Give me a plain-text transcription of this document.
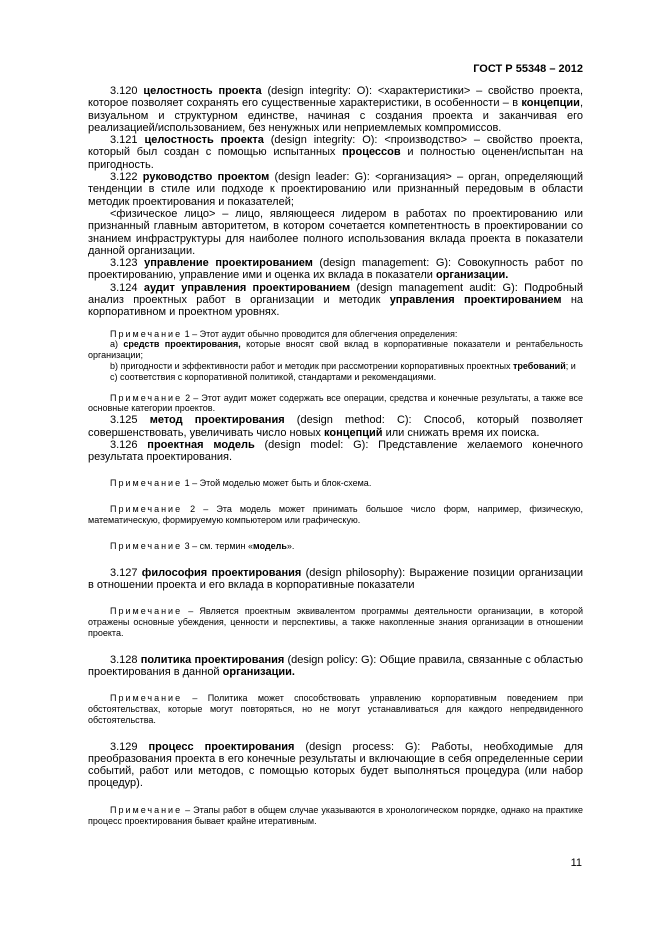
ГОСТ Р 55348 – 2012

3.120 целостность проекта (design integrity: O): <характеристики> – свойство проекта, которое позволяет сохранять его существенные характеристики, в особенности – в концепции, визуальном и структурном единстве, начиная с создания проекта и заканчивая его реализацией/использованием, без ненужных или неприемлемых компромиссов.

3.121 целостность проекта (design integrity: O): <производство> – свойство проекта, который был создан с помощью испытанных процессов и полностью оценен/испытан на пригодность.

3.122 руководство проектом (design leader: G): <организация> – орган, определяющий тенденции в стиле или подходе к проектированию или признанный передовым в области методик проектирования и показателей;

<физическое лицо> – лицо, являющееся лидером в работах по проектированию или признанный главным авторитетом, в котором сочетается компетентность в проектировании со знанием инфраструктуры для наиболее полного использования вклада проекта в показатели данной организации.

3.123 управление проектированием (design management: G): Совокупность работ по проектированию, управление ими и оценка их вклада в показатели организации.

3.124 аудит управления проектированием (design management audit: G): Подробный анализ проектных работ в организации и методик управления проектированием на корпоративном и проектном уровнях.

Примечание 1 – Этот аудит обычно проводится для облегчения определения:

а) средств проектирования, которые вносят свой вклад в корпоративные показатели и рентабельность организации;

b) пригодности и эффективности работ и методик при рассмотрении корпоративных проектных требований; и

c) соответствия с корпоративной политикой, стандартами и рекомендациями.

Примечание 2 – Этот аудит может содержать все операции, средства и конечные результаты, а также все основные категории проектов.

3.125 метод проектирования (design method: C): Способ, который позволяет совершенствовать, увеличивать число новых концепций или снижать время их поиска.

3.126 проектная модель (design model: G): Представление желаемого конечного результата проектирования.

Примечание 1 – Этой моделью может быть и блок-схема.

Примечание 2 – Эта модель может принимать большое число форм, например, физическую, математическую, формируемую компьютером или графическую.

Примечание 3 – см. термин «модель».

3.127 философия проектирования (design philosophy): Выражение позиции организации в отношении проекта и его вклада в корпоративные показатели

Примечание – Является проектным эквивалентом программы деятельности организации, в которой отражены основные убеждения, ценности и перспективы, а также накопленные знания организации в отношении проекта.

3.128 политика проектирования (design policy: G): Общие правила, связанные с областью проектирования в данной организации.

Примечание – Политика может способствовать управлению корпоративным поведением при обстоятельствах, которые могут повторяться, но не могут устанавливаться для каждого непредвиденного обстоятельства.

3.129 процесс проектирования (design process: G): Работы, необходимые для преобразования проекта в его конечные результаты и включающие в себя определенные серии событий, работ или методов, с помощью которых будет выполняться процедура (или набор процедур).

Примечание – Этапы работ в общем случае указываются в хронологическом порядке, однако на практике процесс проектирования бывает крайне итеративным.

11
